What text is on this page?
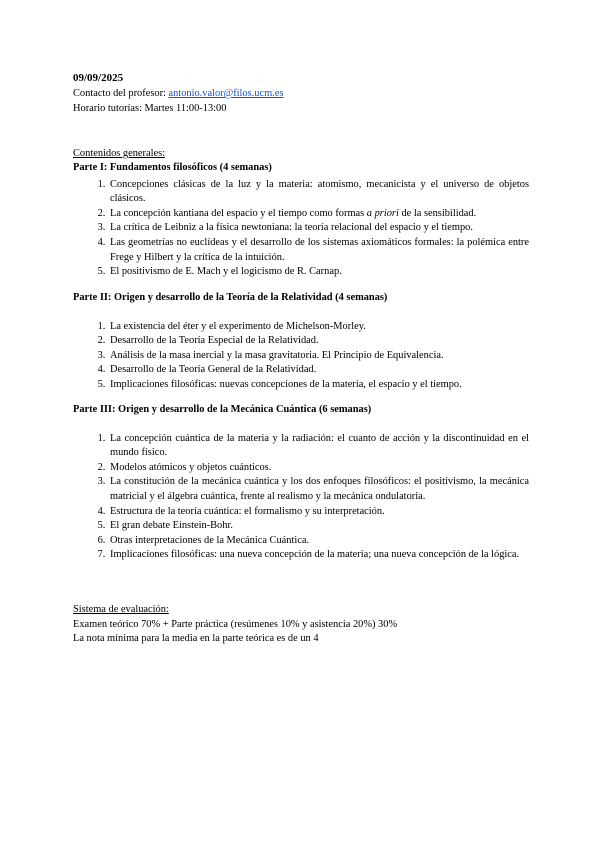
09/09/2025
Contacto del profesor: antonio.valor@filos.ucm.es
Horario tutorías: Martes 11:00-13:00
Contenidos generales:
Parte I: Fundamentos filosóficos (4 semanas)
1. Concepciones clásicas de la luz y la materia: atomismo, mecanicista y el universo de objetos clásicos.
2. La concepción kantiana del espacio y el tiempo como formas a priori de la sensibilidad.
3. La crítica de Leibniz a la física newtoniana: la teoría relacional del espacio y el tiempo.
4. Las geometrías no euclídeas y el desarrollo de los sistemas axiomáticos formales: la polémica entre Frege y Hilbert y la crítica de la intuición.
5. El positivismo de E. Mach y el logicismo de R. Carnap.
Parte II: Origen y desarrollo de la Teoría de la Relatividad (4 semanas)
1. La existencia del éter y el experimento de Michelson-Morley.
2. Desarrollo de la Teoría Especial de la Relatividad.
3. Análisis de la masa inercial y la masa gravitatoria. El Principio de Equivalencia.
4. Desarrollo de la Teoría General de la Relatividad.
5. Implicaciones filosóficas: nuevas concepciones de la materia, el espacio y el tiempo.
Parte III: Origen y desarrollo de la Mecánica Cuántica (6 semanas)
1. La concepción cuántica de la materia y la radiación: el cuanto de acción y la discontinuidad en el mundo físico.
2. Modelos atómicos y objetos cuánticos.
3. La constitución de la mecánica cuántica y los dos enfoques filosóficos: el positivismo, la mecánica matricial y el álgebra cuántica, frente al realismo y la mecánica ondulatoria.
4. Estructura de la teoría cuántica: el formalismo y su interpretación.
5. El gran debate Einstein-Bohr.
6. Otras interpretaciones de la Mecánica Cuántica.
7. Implicaciones filosóficas: una nueva concepción de la materia; una nueva concepción de la lógica.
Sistema de evaluación:
Examen teórico 70% + Parte práctica (resúmenes 10% y asistencia 20%) 30%
La nota mínima para la media en la parte teórica es de un 4
